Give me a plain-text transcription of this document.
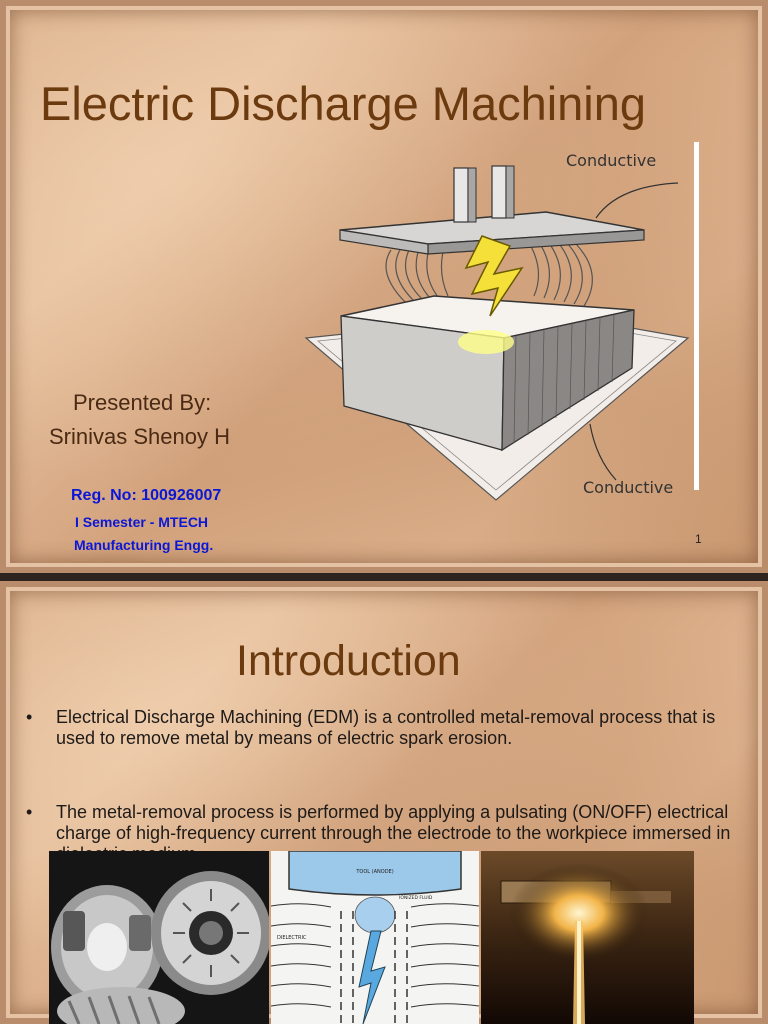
Electric Discharge Machining
Conductive
Conductive
Presented By:
Srinivas Shenoy H
Reg. No: 100926007
I Semester - MTECH
Manufacturing Engg.	1
Introduction
• Electrical Discharge Machining (EDM) is a controlled metal-removal process that is used to remove metal by means of electric spark erosion.
• The metal-removal process is performed by applying a pulsating (ON/OFF) electrical charge of high-frequency current through the electrode to the workpiece immersed in
TOOL (ANODE)
DIELECTRIC
IONIZED FLUID
